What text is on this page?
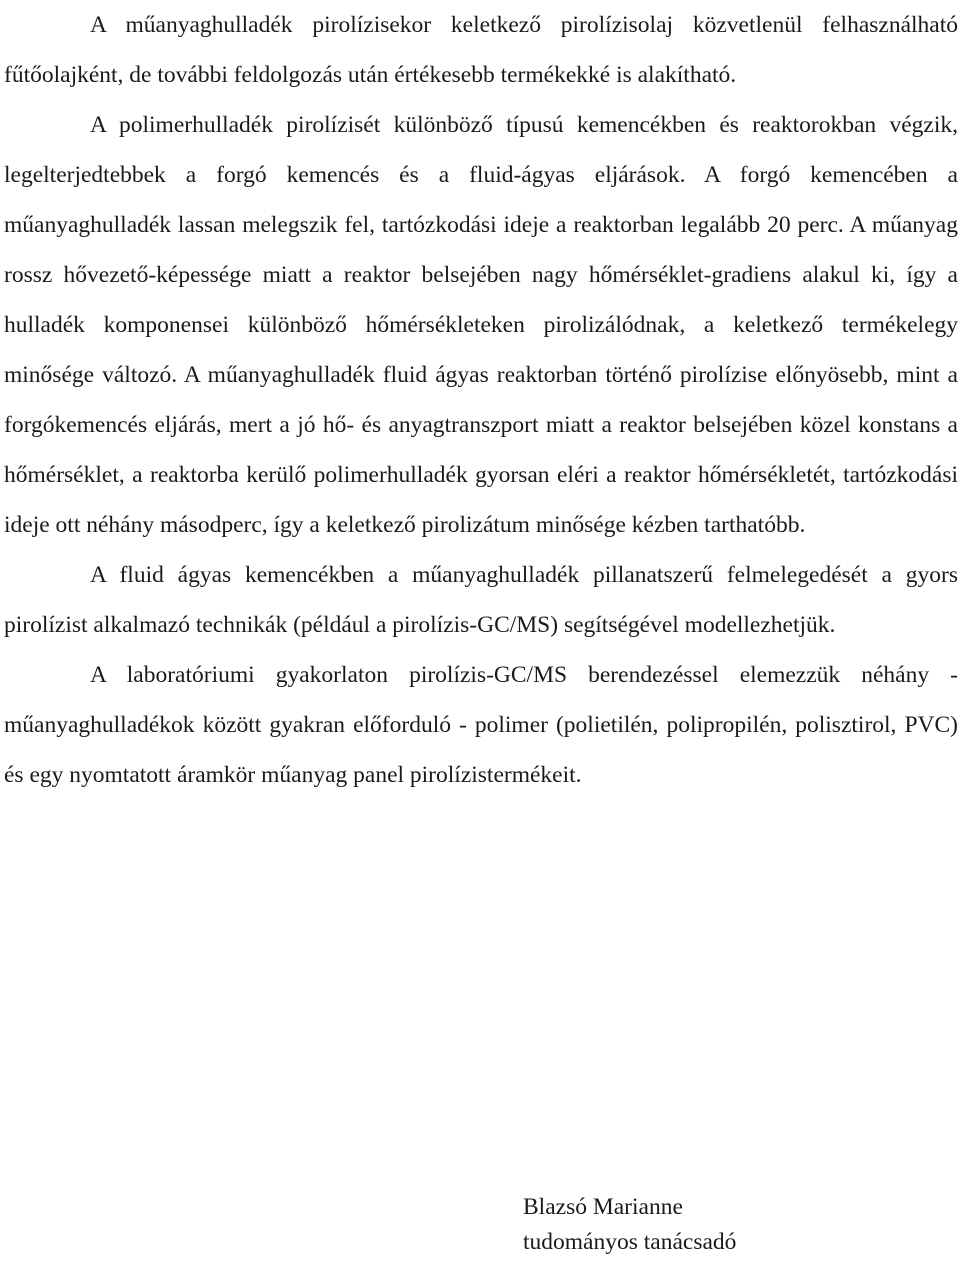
A műanyaghulladék pirolízisekor keletkező pirolízisolaj közvetlenül felhasználható fűtőolajként, de további feldolgozás után értékesebb termékekké is alakítható.

A polimerhulladék pirolízisét különböző típusú kemencékben és reaktorokban végzik, legelterjedtebbek a forgó kemencés és a fluid-ágyas eljárások. A forgó kemencében a műanyaghulladék lassan melegszik fel, tartózkodási ideje a reaktorban legalább 20 perc. A műanyag rossz hővezető-képessége miatt a reaktor belsejében nagy hőmérséklet-gradiens alakul ki, így a hulladék komponensei különböző hőmérsékleteken pirolizálódnak, a keletkező termékelegy minősége változó. A műanyaghulladék fluid ágyas reaktorban történő pirolízise előnyösebb, mint a forgókemencés eljárás, mert a jó hő- és anyagtranszport miatt a reaktor belsejében közel konstans a hőmérséklet, a reaktorba kerülő polimerhulladék gyorsan eléri a reaktor hőmérsékletét, tartózkodási ideje ott néhány másodperc, így a keletkező pirolizátum minősége kézben tarthatóbb.

A fluid ágyas kemencékben a műanyaghulladék pillanatszerű felmelegedését a gyors pirolízist alkalmazó technikák (például a pirolízis-GC/MS) segítségével modellezhetjük.

A laboratóriumi gyakorlaton pirolízis-GC/MS berendezéssel elemezzük néhány - műanyaghulladékok között gyakran előforduló - polimer (polietilén, polipropilén, polisztirol, PVC) és egy nyomtatott áramkör műanyag panel pirolízistermékeit.

Blazsó Marianne
tudományos tanácsadó
